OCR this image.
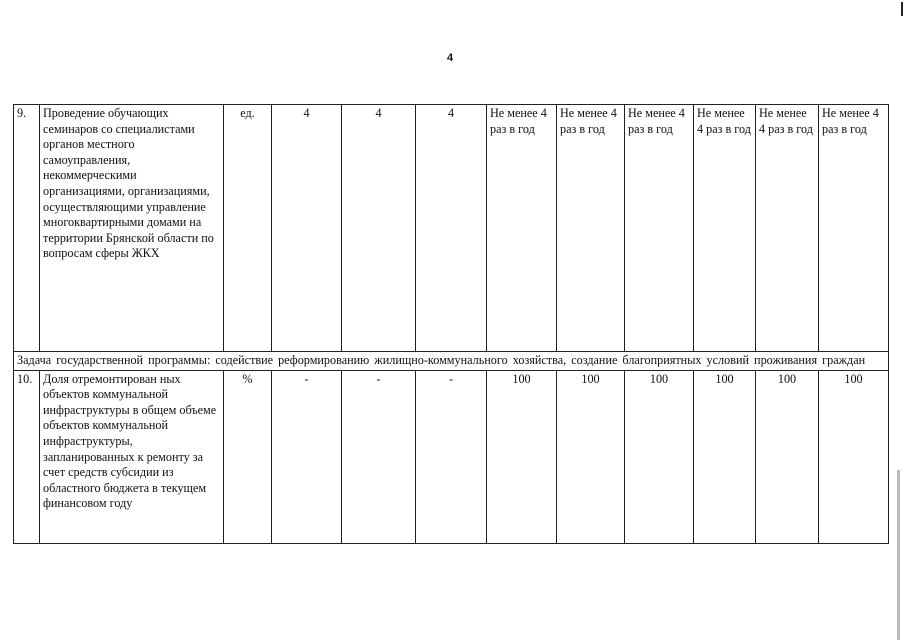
4
9.	Проведение обучающих семинаров со специалистами органов местного самоуправления, некоммерческими организациями, организациями, осуществляющими управление многоквартирными домами на территории Брянской области по вопросам сферы ЖКХ	ед.	4	4	4	Не менее 4 раз в год	Не менее 4 раз в год	Не менее 4 раз в год	Не менее 4 раз в год	Не менее 4 раз в год	Не менее 4 раз в год

Задача государственной программы: содействие реформированию жилищно-коммунального хозяйства, создание благоприятных условий проживания граждан											

10.	Доля отремонтирован ных объектов коммунальной инфраструктуры в общем объеме объектов коммунальной инфраструктуры, запланированных к ремонту за счет средств субсидии из областного бюджета в текущем финансовом году	%	-	-	-	100	100	100	100	100	100
